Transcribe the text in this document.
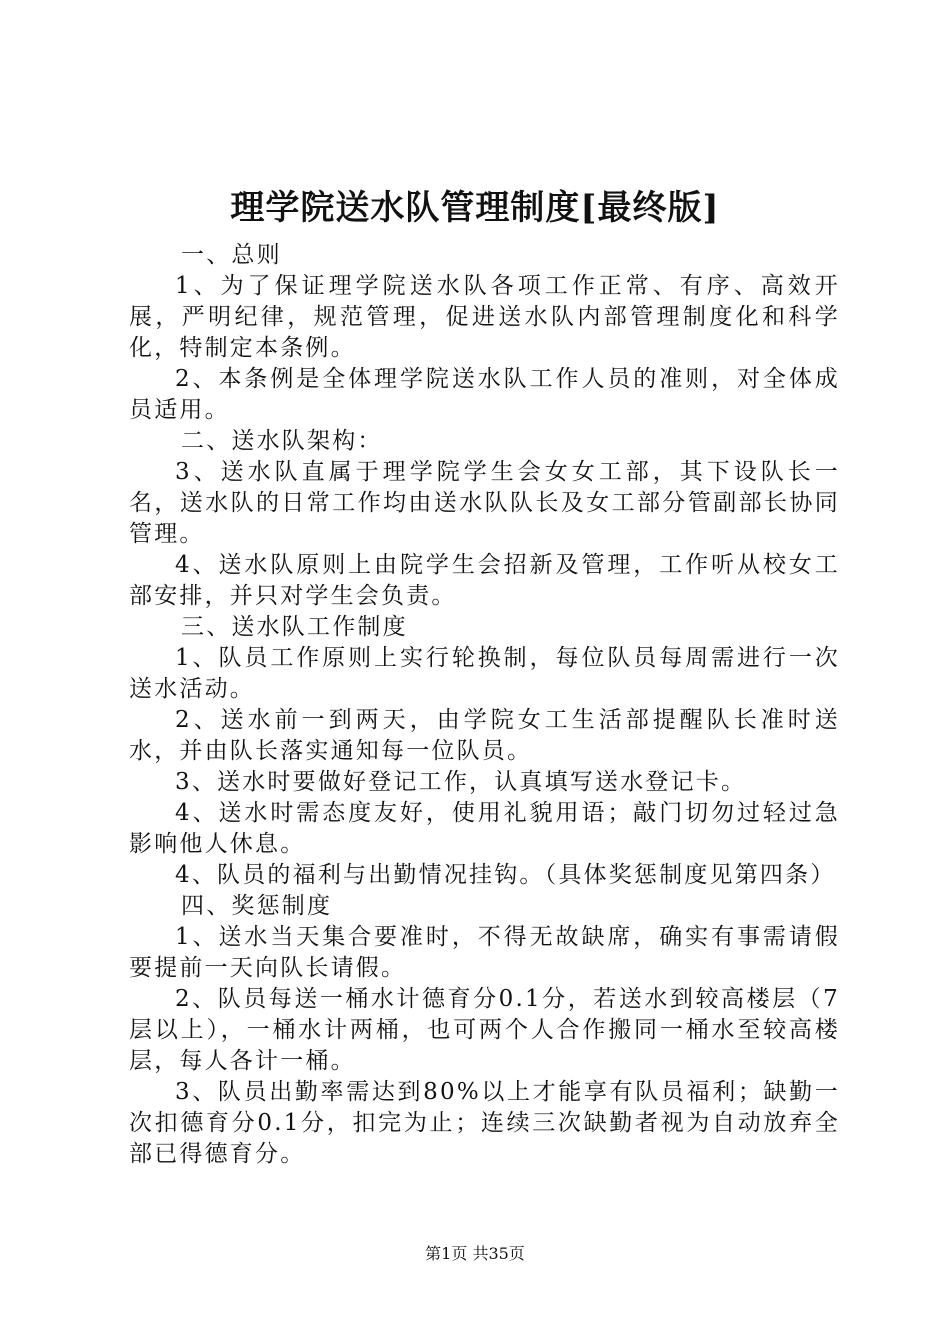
理学院送水队管理制度[最终版]

一、总则

1、为了保证理学院送水队各项工作正常、有序、高效开展，严明纪律，规范管理，促进送水队内部管理制度化和科学化，特制定本条例。

2、本条例是全体理学院送水队工作人员的准则，对全体成员适用。

二、送水队架构：

3、送水队直属于理学院学生会女女工部，其下设队长一名，送水队的日常工作均由送水队队长及女工部分管副部长协同管理。

4、送水队原则上由院学生会招新及管理，工作听从校女工部安排，并只对学生会负责。

三、送水队工作制度

1、队员工作原则上实行轮换制，每位队员每周需进行一次送水活动。

2、送水前一到两天，由学院女工生活部提醒队长准时送水，并由队长落实通知每一位队员。

3、送水时要做好登记工作，认真填写送水登记卡。

4、送水时需态度友好，使用礼貌用语；敲门切勿过轻过急影响他人休息。

4、队员的福利与出勤情况挂钩。（具体奖惩制度见第四条）

四、奖惩制度

1、送水当天集合要准时，不得无故缺席，确实有事需请假要提前一天向队长请假。

2、队员每送一桶水计德育分0.1分，若送水到较高楼层（7层以上），一桶水计两桶，也可两个人合作搬同一桶水至较高楼层，每人各计一桶。

3、队员出勤率需达到80%以上才能享有队员福利；缺勤一次扣德育分0.1分，扣完为止；连续三次缺勤者视为自动放弃全部已得德育分。

第1页 共35页
